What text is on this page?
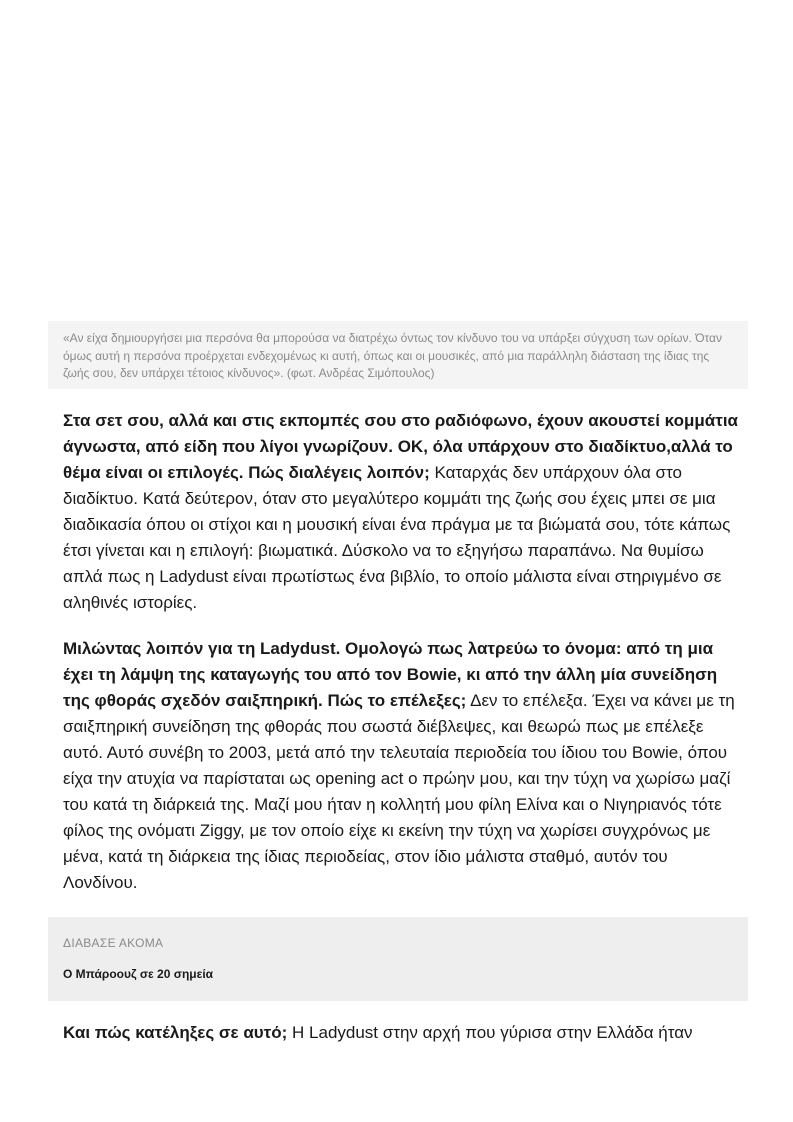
«Αν είχα δημιουργήσει μια περσόνα θα μπορούσα να διατρέχω όντως τον κίνδυνο του να υπάρξει σύγχυση των ορίων. Όταν όμως αυτή η περσόνα προέρχεται ενδεχομένως κι αυτή, όπως και οι μουσικές, από μια παράλληλη διάσταση της ίδιας της ζωής σου, δεν υπάρχει τέτοιος κίνδυνος». (φωτ. Ανδρέας Σιμόπουλος)

Στα σετ σου, αλλά και στις εκπομπές σου στο ραδιόφωνο, έχουν ακουστεί κομμάτια άγνωστα, από είδη που λίγοι γνωρίζουν. ΟΚ, όλα υπάρχουν στο διαδίκτυο,αλλά το θέμα είναι οι επιλογές. Πώς διαλέγεις λοιπόν; Καταρχάς δεν υπάρχουν όλα στο διαδίκτυο. Κατά δεύτερον, όταν στο μεγαλύτερο κομμάτι της ζωής σου έχεις μπει σε μια διαδικασία όπου οι στίχοι και η μουσική είναι ένα πράγμα με τα βιώματά σου, τότε κάπως έτσι γίνεται και η επιλογή: βιωματικά. Δύσκολο να το εξηγήσω παραπάνω. Να θυμίσω απλά πως η Ladydust είναι πρωτίστως ένα βιβλίο, το οποίο μάλιστα είναι στηριγμένο σε αληθινές ιστορίες.

Μιλώντας λοιπόν για τη Ladydust. Ομολογώ πως λατρεύω το όνομα: από τη μια έχει τη λάμψη της καταγωγής του από τον Bowie, κι από την άλλη μία συνείδηση της φθοράς σχεδόν σαιξπηρική. Πώς το επέλεξες; Δεν το επέλεξα. Έχει να κάνει με τη σαιξπηρική συνείδηση της φθοράς που σωστά διέβλεψες, και θεωρώ πως με επέλεξε αυτό. Αυτό συνέβη το 2003, μετά από την τελευταία περιοδεία του ίδιου του Bowie, όπου είχα την ατυχία να παρίσταται ως opening act ο πρώην μου, και την τύχη να χωρίσω μαζί του κατά τη διάρκειά της. Μαζί μου ήταν η κολλητή μου φίλη Ελίνα και ο Νιγηριανός τότε φίλος της ονόματι Ziggy, με τον οποίο είχε κι εκείνη την τύχη να χωρίσει συγχρόνως με μένα, κατά τη διάρκεια της ίδιας περιοδείας, στον ίδιο μάλιστα σταθμό, αυτόν του Λονδίνου.

ΔΙΑΒΑΣΕ ΑΚΟΜΑ
Ο Μπάροουζ σε 20 σημεία

Και πώς κατέληξες σε αυτό; Η Ladydust στην αρχή που γύρισα στην Ελλάδα ήταν
